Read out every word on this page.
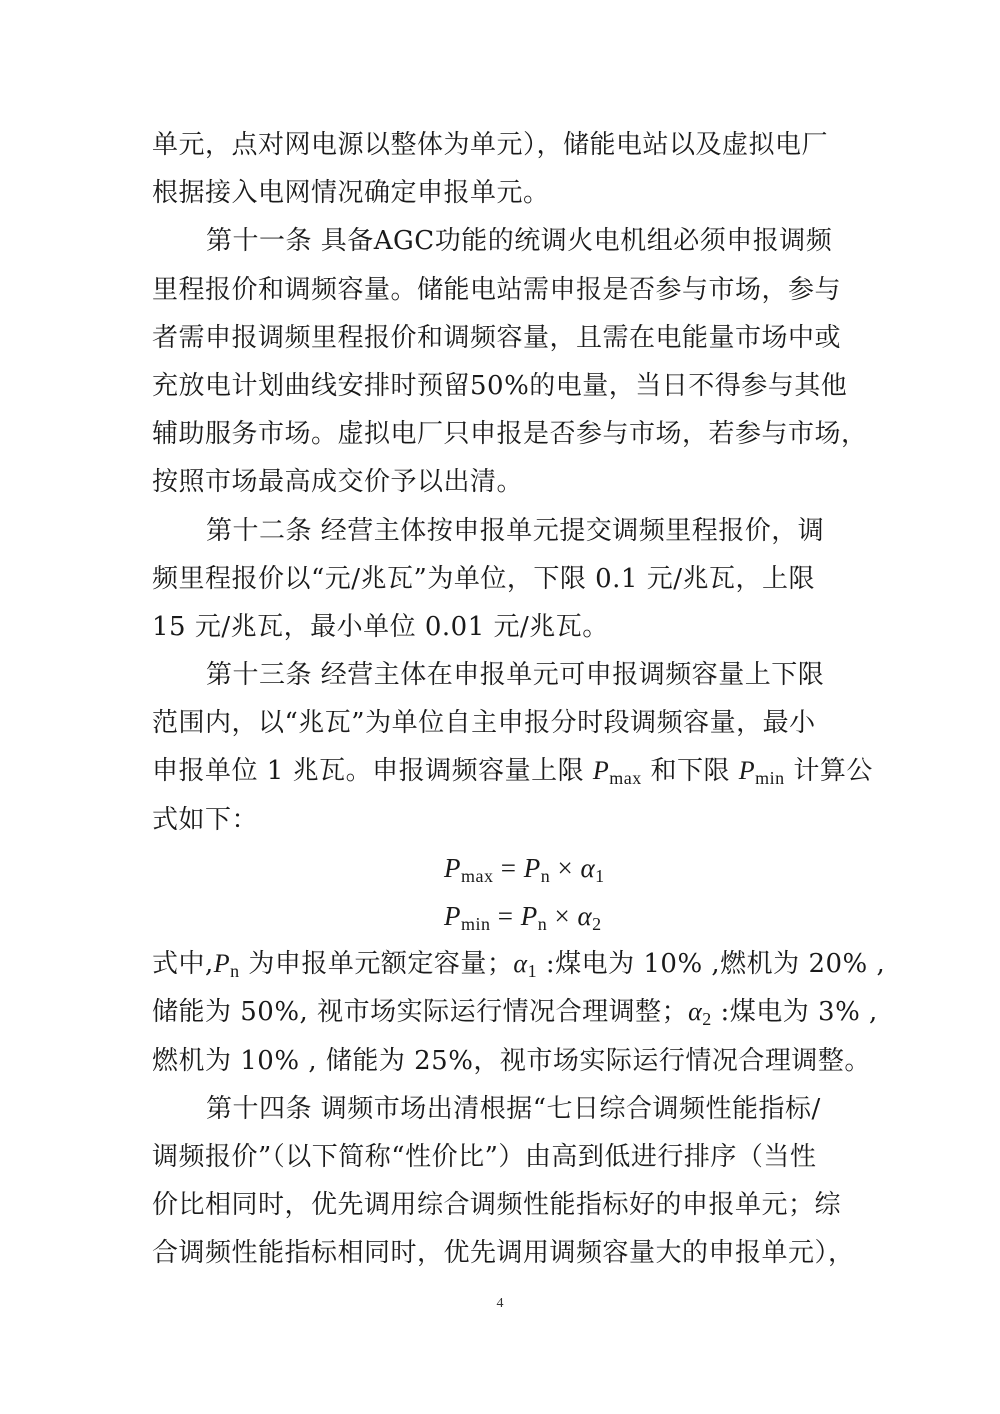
单元，点对网电源以整体为单元），储能电站以及虚拟电厂
根据接入电网情况确定申报单元。
第十一条 具备AGC功能的统调火电机组必须申报调频
里程报价和调频容量。储能电站需申报是否参与市场，参与
者需申报调频里程报价和调频容量，且需在电能量市场中或
充放电计划曲线安排时预留50%的电量，当日不得参与其他
辅助服务市场。虚拟电厂只申报是否参与市场，若参与市场，
按照市场最高成交价予以出清。
第十二条 经营主体按申报单元提交调频里程报价，调
频里程报价以“元/兆瓦”为单位，下限 0.1 元/兆瓦，上限
15 元/兆瓦，最小单位 0.01 元/兆瓦。
第十三条 经营主体在申报单元可申报调频容量上下限
范围内，以“兆瓦”为单位自主申报分时段调频容量，最小
申报单位 1 兆瓦。申报调频容量上限 $P_{max}$ 和下限 $P_{min}$ 计算公
式如下：
$P_{max} = P_n \times \alpha_1$
$P_{min} = P_n \times \alpha_2$
式中$,P_n$ 为申报单元额定容量；$\alpha_1$ :煤电为 10% ,燃机为 20% ,
储能为 50%, 视市场实际运行情况合理调整；$\alpha_2$ :煤电为 3% ,
燃机为 10% , 储能为 25%，视市场实际运行情况合理调整。
第十四条 调频市场出清根据“七日综合调频性能指标/
调频报价”（以下简称“性价比”）由高到低进行排序（当性
价比相同时，优先调用综合调频性能指标好的申报单元；综
合调频性能指标相同时，优先调用调频容量大的申报单元），
4
